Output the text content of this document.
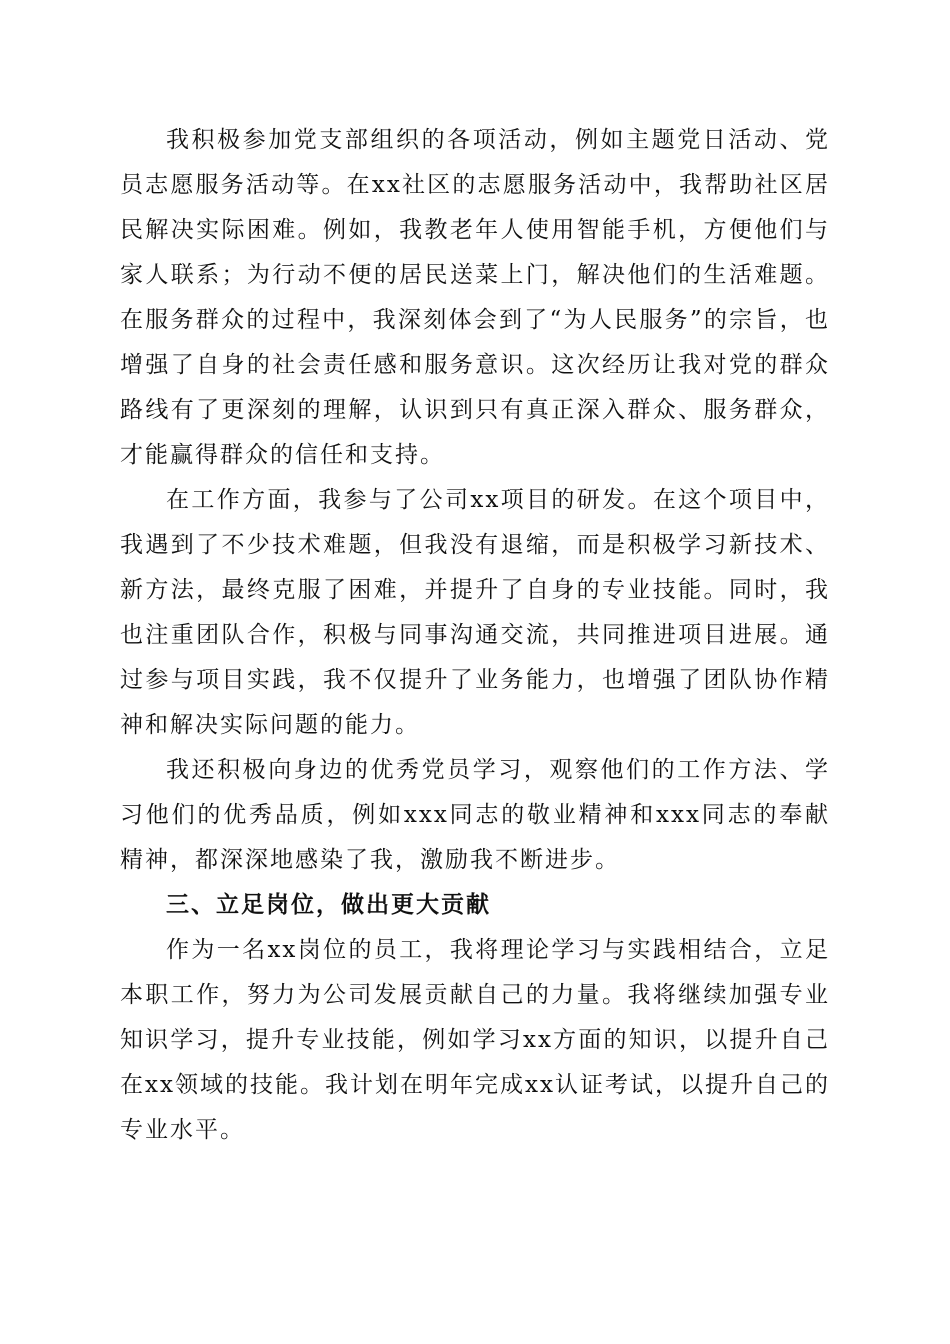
我积极参加党支部组织的各项活动，例如主题党日活动、党员志愿服务活动等。在xx社区的志愿服务活动中，我帮助社区居民解决实际困难。例如，我教老年人使用智能手机，方便他们与家人联系；为行动不便的居民送菜上门，解决他们的生活难题。在服务群众的过程中，我深刻体会到了“为人民服务”的宗旨，也增强了自身的社会责任感和服务意识。这次经历让我对党的群众路线有了更深刻的理解，认识到只有真正深入群众、服务群众，才能赢得群众的信任和支持。

在工作方面，我参与了公司xx项目的研发。在这个项目中，我遇到了不少技术难题，但我没有退缩，而是积极学习新技术、新方法，最终克服了困难，并提升了自身的专业技能。同时，我也注重团队合作，积极与同事沟通交流，共同推进项目进展。通过参与项目实践，我不仅提升了业务能力，也增强了团队协作精神和解决实际问题的能力。

我还积极向身边的优秀党员学习，观察他们的工作方法、学习他们的优秀品质，例如xxx同志的敬业精神和xxx同志的奉献精神，都深深地感染了我，激励我不断进步。

三、立足岗位，做出更大贡献

作为一名xx岗位的员工，我将理论学习与实践相结合，立足本职工作，努力为公司发展贡献自己的力量。我将继续加强专业知识学习，提升专业技能，例如学习xx方面的知识，以提升自己在xx领域的技能。我计划在明年完成xx认证考试，以提升自己的专业水平。
